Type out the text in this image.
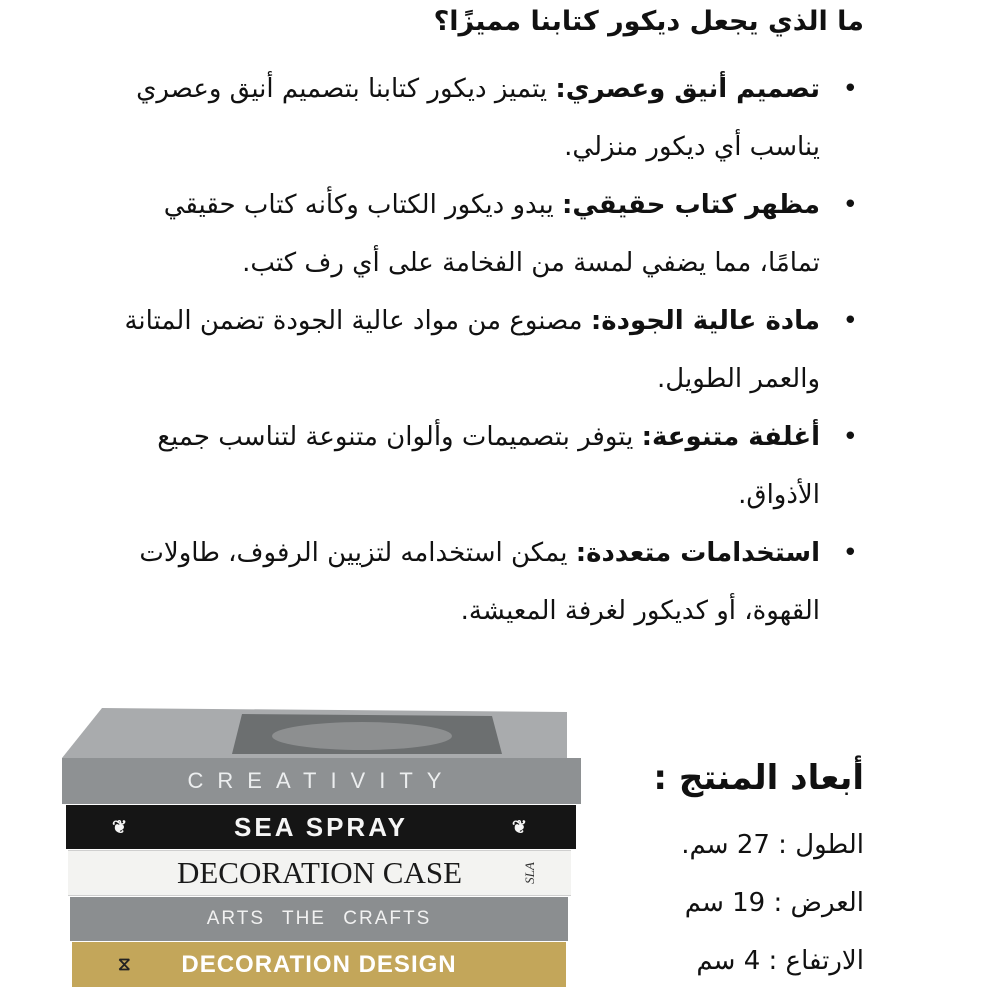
ما الذي يجعل ديكور كتابنا مميزًا؟
•
تصميم أنيق وعصري: يتميز ديكور كتابنا بتصميم أنيق وعصري يناسب أي ديكور منزلي.
•
مظهر كتاب حقيقي: يبدو ديكور الكتاب وكأنه كتاب حقيقي تمامًا، مما يضفي لمسة من الفخامة على أي رف كتب.
•
مادة عالية الجودة: مصنوع من مواد عالية الجودة تضمن المتانة والعمر الطويل.
•
أغلفة متنوعة: يتوفر بتصميمات وألوان متنوعة لتناسب جميع الأذواق.
•
استخدامات متعددة: يمكن استخدامه لتزيين الرفوف، طاولات القهوة، أو كديكور لغرفة المعيشة.
CREATIVITY
❦	SEA SPRAY	❦
DECORATION CASE	SLA
ARTS THE CRAFTS
⧖ DECORATION DESIGN
أبعاد المنتج :
الطول : 27 سم.
العرض : 19 سم
الارتفاع : 4 سم
